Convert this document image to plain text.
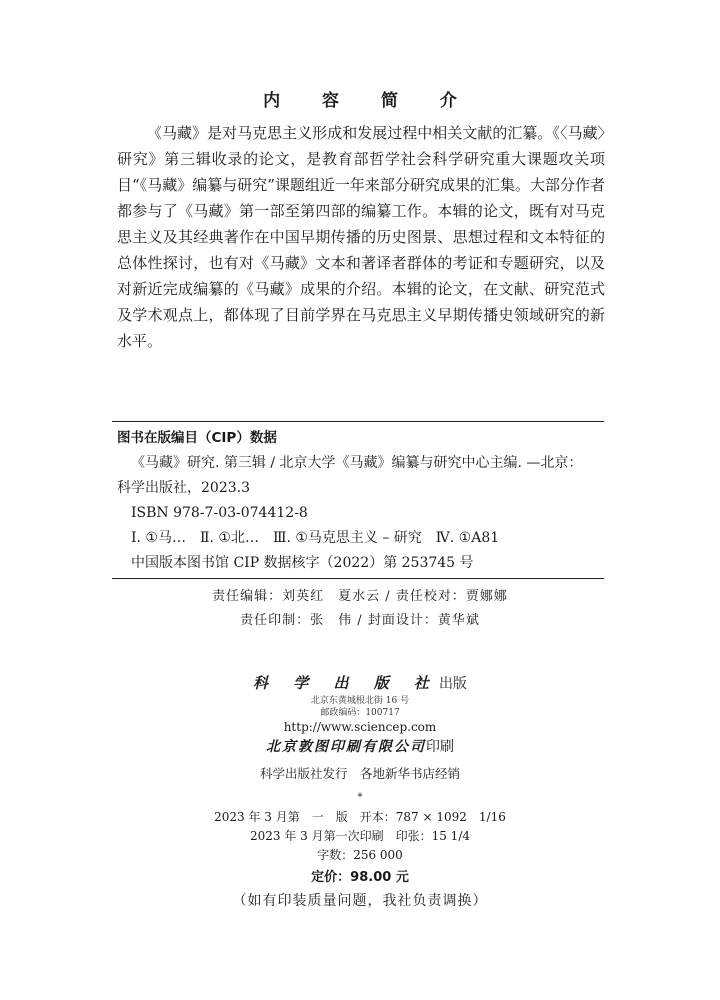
内 容 简 介

《马藏》是对马克思主义形成和发展过程中相关文献的汇纂。《〈马藏〉研究》第三辑收录的论文，是教育部哲学社会科学研究重大课题攻关项目“《马藏》编纂与研究”课题组近一年来部分研究成果的汇集。大部分作者都参与了《马藏》第一部至第四部的编纂工作。本辑的论文，既有对马克思主义及其经典著作在中国早期传播的历史图景、思想过程和文本特征的总体性探讨，也有对《马藏》文本和著译者群体的考证和专题研究，以及对新近完成编纂的《马藏》成果的介绍。本辑的论文，在文献、研究范式及学术观点上，都体现了目前学界在马克思主义早期传播史领域研究的新水平。

图书在版编目（CIP）数据
《马藏》研究. 第三辑 / 北京大学《马藏》编纂与研究中心主编. —北京：
科学出版社，2023.3
ISBN 978-7-03-074412-8
Ⅰ. ①马…　Ⅱ. ①北…　Ⅲ. ①马克思主义 – 研究　Ⅳ. ①A81
中国版本图书馆 CIP 数据核字（2022）第 253745 号
责任编辑：刘英红　夏水云 / 责任校对：贾娜娜
责任印制：张　伟 / 封面设计：黄华斌
科 学 出 版 社出版
北京东黄城根北街 16 号
邮政编码：100717
http://www.sciencep.com
北京敦图印刷有限公司印刷
科学出版社发行　各地新华书店经销
*
2023 年 3 月第　一　版　开本：787 × 1092　1/16
2023 年 3 月第一次印刷　印张：15 1/4
字数：256 000
定价：98.00 元
（如有印装质量问题，我社负责调换）
